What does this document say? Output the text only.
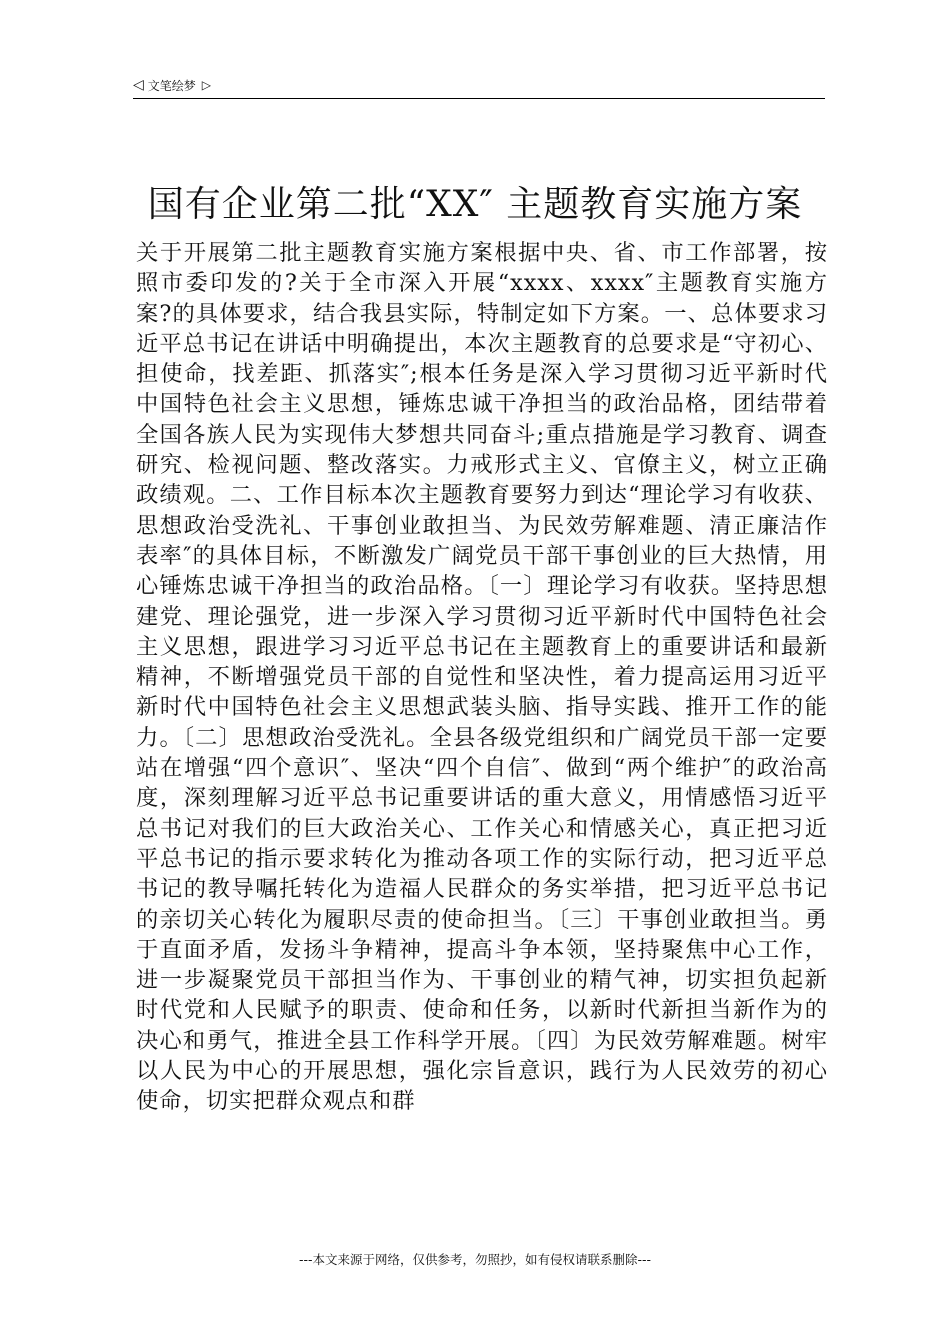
◁ 文笔绘梦 ▷
国有企业第二批“XX″ 主题教育实施方案

关于开展第二批主题教育实施方案根据中央、省、市工作部署，按照市委印发的?关于全市深入开展“xxxx、xxxx″主题教育实施方案?的具体要求，结合我县实际，特制定如下方案。一、总体要求习近平总书记在讲话中明确提出，本次主题教育的总要求是“守初心、担使命，找差距、抓落实″;根本任务是深入学习贯彻习近平新时代中国特色社会主义思想，锤炼忠诚干净担当的政治品格，团结带着全国各族人民为实现伟大梦想共同奋斗;重点措施是学习教育、调查研究、检视问题、整改落实。力戒形式主义、官僚主义，树立正确政绩观。二、工作目标本次主题教育要努力到达“理论学习有收获、思想政治受洗礼、干事创业敢担当、为民效劳解难题、清正廉洁作表率″的具体目标，不断激发广阔党员干部干事创业的巨大热情，用心锤炼忠诚干净担当的政治品格。〔一〕理论学习有收获。坚持思想建党、理论强党，进一步深入学习贯彻习近平新时代中国特色社会主义思想，跟进学习习近平总书记在主题教育上的重要讲话和最新精神，不断增强党员干部的自觉性和坚决性，着力提高运用习近平新时代中国特色社会主义思想武装头脑、指导实践、推开工作的能力。〔二〕思想政治受洗礼。全县各级党组织和广阔党员干部一定要站在增强“四个意识″、坚决“四个自信″、做到“两个维护″的政治高度，深刻理解习近平总书记重要讲话的重大意义，用情感悟习近平总书记对我们的巨大政治关心、工作关心和情感关心，真正把习近平总书记的指示要求转化为推动各项工作的实际行动，把习近平总书记的教导嘱托转化为造福人民群众的务实举措，把习近平总书记的亲切关心转化为履职尽责的使命担当。〔三〕干事创业敢担当。勇于直面矛盾，发扬斗争精神，提高斗争本领，坚持聚焦中心工作，进一步凝聚党员干部担当作为、干事创业的精气神，切实担负起新时代党和人民赋予的职责、使命和任务，以新时代新担当新作为的决心和勇气，推进全县工作科学开展。〔四〕为民效劳解难题。树牢以人民为中心的开展思想，强化宗旨意识，践行为人民效劳的初心使命，切实把群众观点和群

---本文来源于网络，仅供参考，勿照抄，如有侵权请联系删除---
